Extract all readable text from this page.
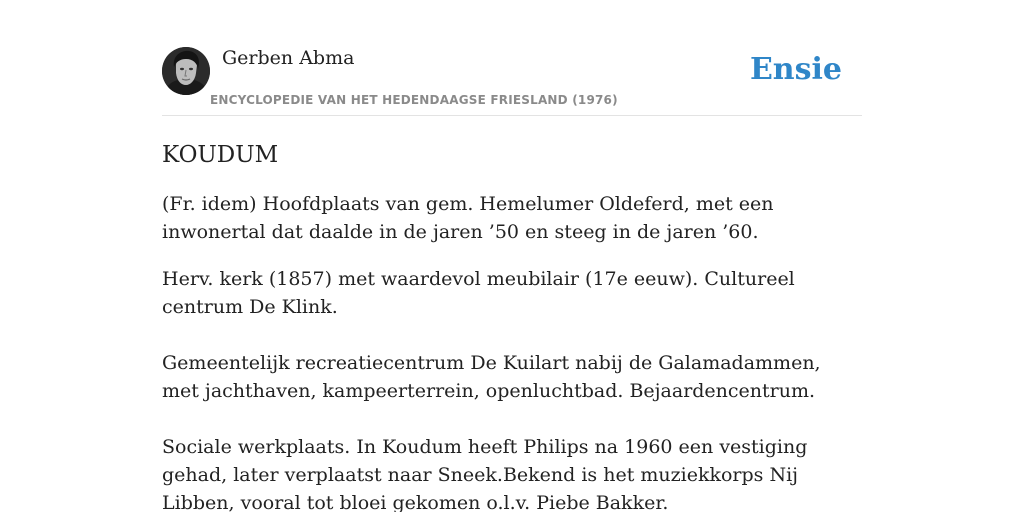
Gerben Abma
ENCYCLOPEDIE VAN HET HEDENDAAGSE FRIESLAND (1976)
Ensie
KOUDUM

(Fr. idem) Hoofdplaats van gem. Hemelumer Oldeferd, met een inwonertal dat daalde in de jaren ’50 en steeg in de jaren ’60.

Herv. kerk (1857) met waardevol meubilair (17e eeuw). Cultureel centrum De Klink.

Gemeentelijk recreatiecentrum De Kuilart nabij de Galamadammen, met jachthaven, kampeerterrein, openluchtbad. Bejaardencentrum.

Sociale werkplaats. In Koudum heeft Philips na 1960 een vestiging gehad, later verplaatst naar Sneek.Bekend is het muziekkorps Nij Libben, vooral tot bloei gekomen o.l.v. Piebe Bakker.
